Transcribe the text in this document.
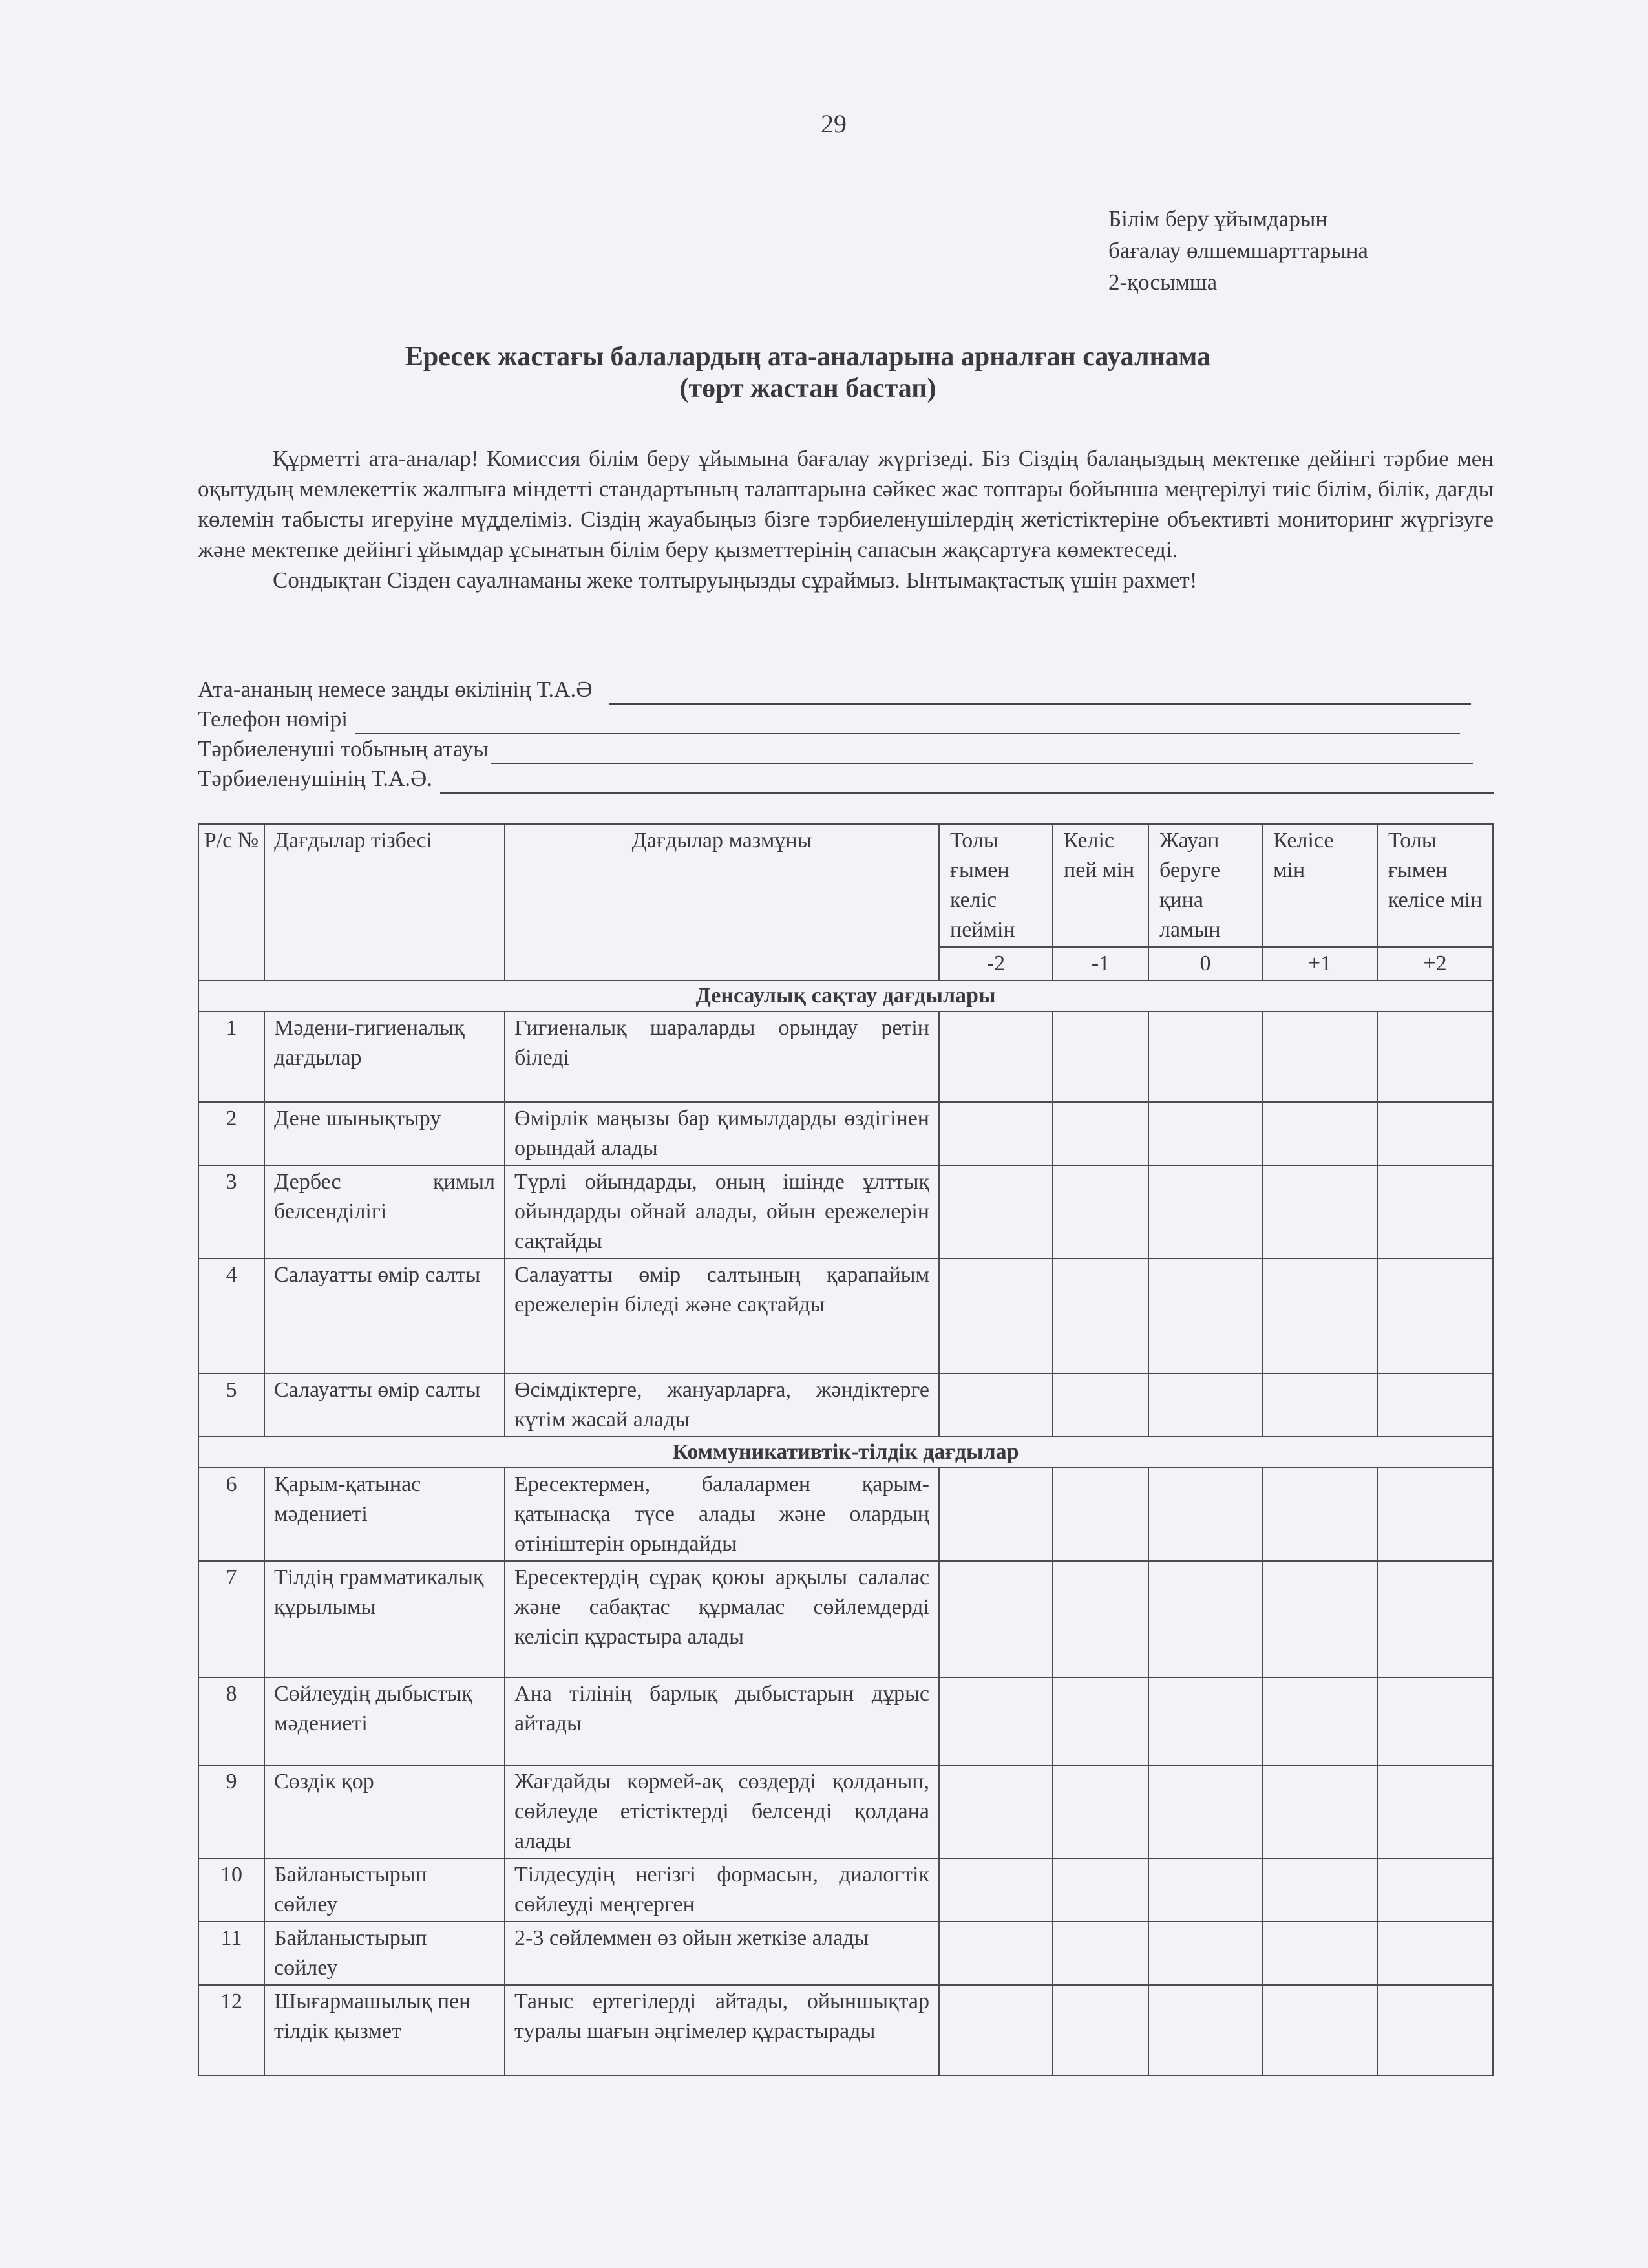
29
Білім беру ұйымдарын
бағалау өлшемшарттарына
2-қосымша
Ересек жастағы балалардың ата-аналарына арналған сауалнама
(төрт жастан бастап)

Құрметті ата-аналар! Комиссия білім беру ұйымына бағалау жүргізеді. Біз Сіздің балаңыздың мектепке дейінгі тәрбие мен оқытудың мемлекеттік жалпыға міндетті стандартының талаптарына сәйкес жас топтары бойынша меңгерілуі тиіс білім, білік, дағды көлемін табысты игеруіне мүдделіміз. Сіздің жауабыңыз бізге тәрбиеленушілердің жетістіктеріне объективті мониторинг жүргізуге және мектепке дейінгі ұйымдар ұсынатын білім беру қызметтерінің сапасын жақсартуға көмектеседі.

Сондықтан Сізден сауалнаманы жеке толтыруыңызды сұраймыз. Ынтымақтастық үшін рахмет!

Ата-ананың немесе заңды өкілінің Т.А.Ә
Телефон нөмірі
Тәрбиеленуші тобының атауы
Тәрбиеленушінің Т.А.Ә.
Р/с №	Дағдылар тізбесі	Дағдылар мазмұны	Толы ғымен келіс пеймін	Келіс пей мін	Жауап беруге қина ламын	Келісе мін	Толы ғымен келісе мін
			-2	-1	0	+1	+2
Денсаулық сақтау дағдылары							
1	Мәдени-гигиеналық дағдылар	Гигиеналық шараларды орындау ретін біледі					
2	Дене шынықтыру	Өмірлік маңызы бар қимылдарды өздігінен орындай алады					
3	Дербес қимыл белсенділігі	Түрлі ойындарды, оның ішінде ұлттық ойындарды ойнай алады, ойын ережелерін сақтайды					
4	Салауатты өмір салты	Салауатты өмір салтының қарапайым ережелерін біледі және сақтайды					
5	Салауатты өмір салты	Өсімдіктерге, жануарларға, жәндіктерге күтім жасай алады					
Коммуникативтік-тілдік дағдылар							
6	Қарым-қатынас мәдениеті	Ересектермен, балалармен қарым-қатынасқа түсе алады және олардың өтініштерін орындайды					
7	Тілдің грамматикалық құрылымы	Ересектердің сұрақ қоюы арқылы салалас және сабақтас құрмалас сөйлемдерді келісіп құрастыра алады					
8	Сөйлеудің дыбыстық мәдениеті	Ана тілінің барлық дыбыстарын дұрыс айтады					
9	Сөздік қор	Жағдайды көрмей-ақ сөздерді қолданып, сөйлеуде етістіктерді белсенді қолдана алады					
10	Байланыстырып сөйлеу	Тілдесудің негізгі формасын, диалогтік сөйлеуді меңгерген					
11	Байланыстырып сөйлеу	2-3 сөйлеммен өз ойын жеткізе алады					
12	Шығармашылық пен тілдік қызмет	Таныс ертегілерді айтады, ойыншықтар туралы шағын әңгімелер құрастырады					
